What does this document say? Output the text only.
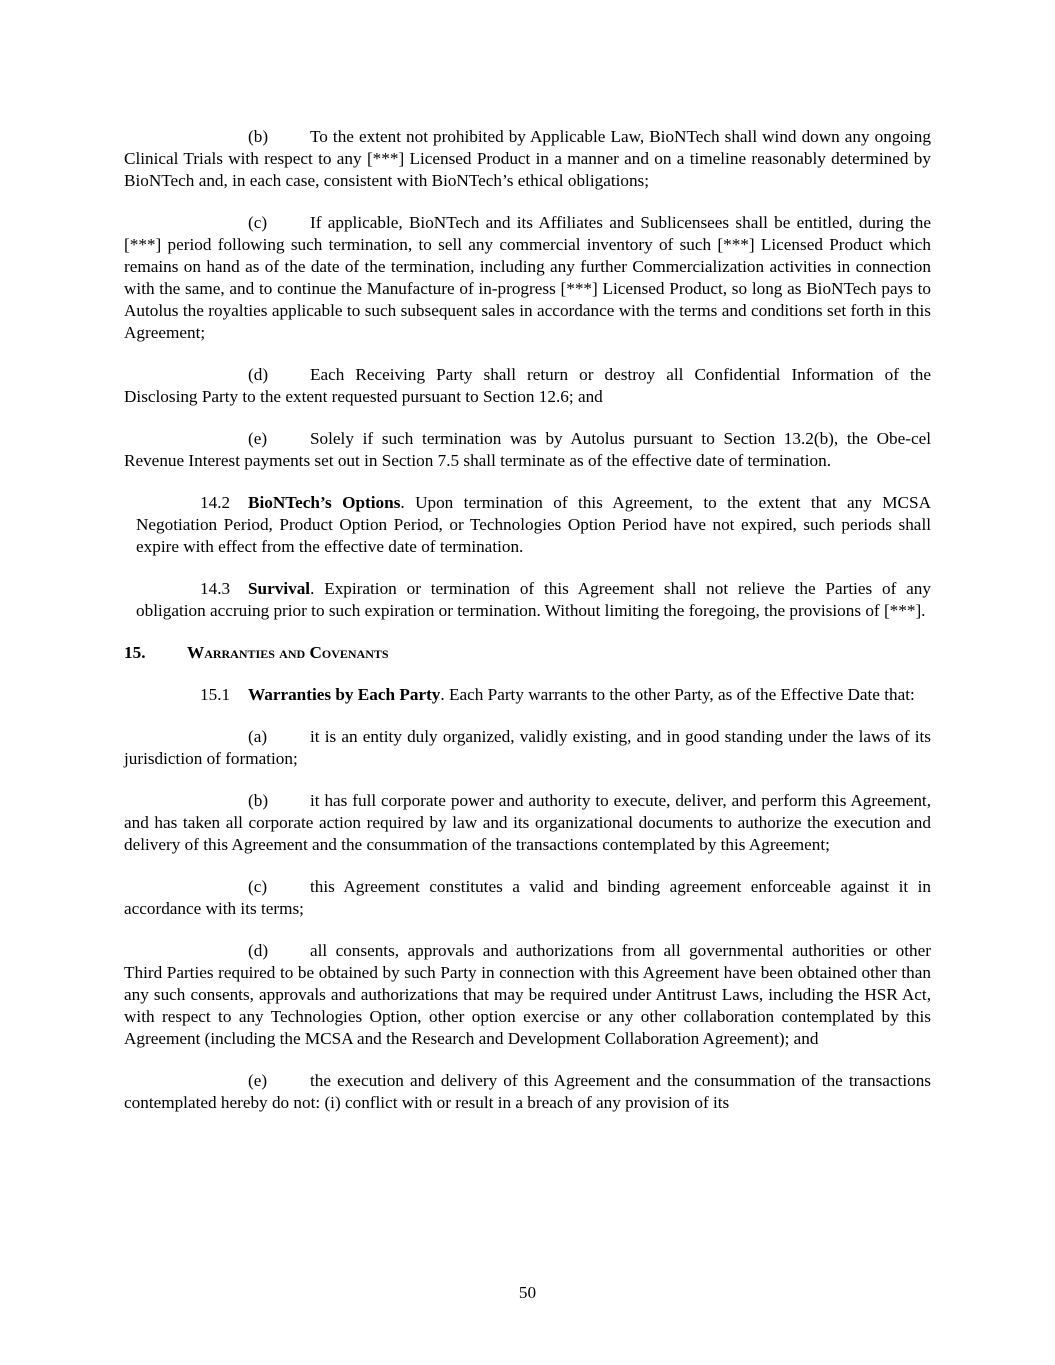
(b) To the extent not prohibited by Applicable Law, BioNTech shall wind down any ongoing Clinical Trials with respect to any [***] Licensed Product in a manner and on a timeline reasonably determined by BioNTech and, in each case, consistent with BioNTech’s ethical obligations;

(c) If applicable, BioNTech and its Affiliates and Sublicensees shall be entitled, during the [***] period following such termination, to sell any commercial inventory of such [***] Licensed Product which remains on hand as of the date of the termination, including any further Commercialization activities in connection with the same, and to continue the Manufacture of in-progress [***] Licensed Product, so long as BioNTech pays to Autolus the royalties applicable to such subsequent sales in accordance with the terms and conditions set forth in this Agreement;

(d) Each Receiving Party shall return or destroy all Confidential Information of the Disclosing Party to the extent requested pursuant to Section 12.6; and

(e) Solely if such termination was by Autolus pursuant to Section 13.2(b), the Obe-cel Revenue Interest payments set out in Section 7.5 shall terminate as of the effective date of termination.

14.2 BioNTech’s Options. Upon termination of this Agreement, to the extent that any MCSA Negotiation Period, Product Option Period, or Technologies Option Period have not expired, such periods shall expire with effect from the effective date of termination.

14.3 Survival. Expiration or termination of this Agreement shall not relieve the Parties of any obligation accruing prior to such expiration or termination. Without limiting the foregoing, the provisions of [***].

15. Warranties and Covenants

15.1 Warranties by Each Party. Each Party warrants to the other Party, as of the Effective Date that:

(a) it is an entity duly organized, validly existing, and in good standing under the laws of its jurisdiction of formation;

(b) it has full corporate power and authority to execute, deliver, and perform this Agreement, and has taken all corporate action required by law and its organizational documents to authorize the execution and delivery of this Agreement and the consummation of the transactions contemplated by this Agreement;

(c) this Agreement constitutes a valid and binding agreement enforceable against it in accordance with its terms;

(d) all consents, approvals and authorizations from all governmental authorities or other Third Parties required to be obtained by such Party in connection with this Agreement have been obtained other than any such consents, approvals and authorizations that may be required under Antitrust Laws, including the HSR Act, with respect to any Technologies Option, other option exercise or any other collaboration contemplated by this Agreement (including the MCSA and the Research and Development Collaboration Agreement); and

(e) the execution and delivery of this Agreement and the consummation of the transactions contemplated hereby do not: (i) conflict with or result in a breach of any provision of its

50
